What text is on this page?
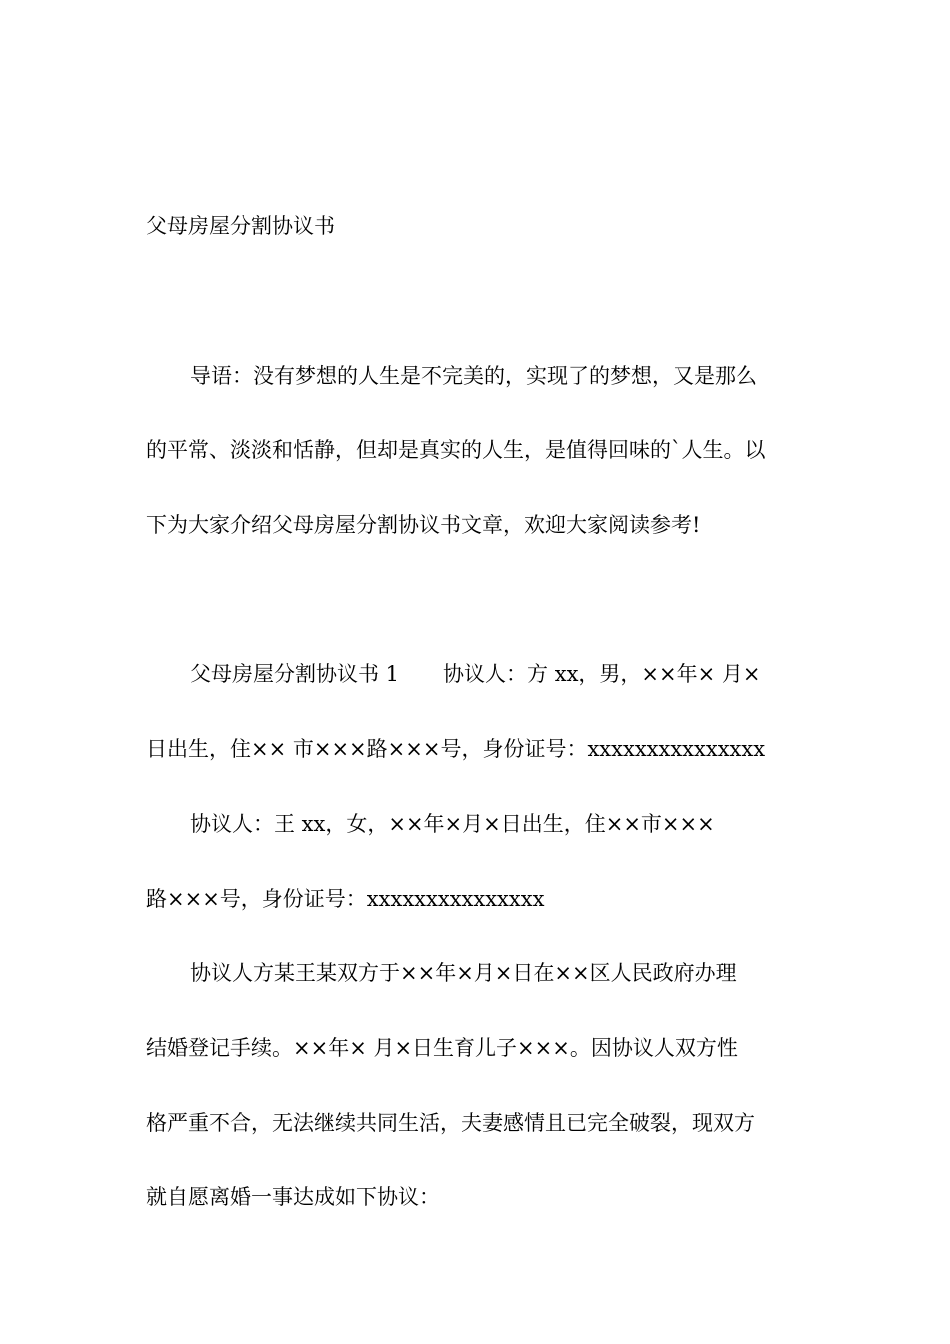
父母房屋分割协议书
导语：没有梦想的人生是不完美的，实现了的梦想，又是那么
的平常、淡淡和恬静，但却是真实的人生，是值得回味的`人生。以
下为大家介绍父母房屋分割协议书文章，欢迎大家阅读参考!
父母房屋分割协议书 1 协议人：方 xx，男，××年× 月×
日出生，住×× 市×××路×××号，身份证号：xxxxxxxxxxxxxxx
协议人：王 xx，女，××年×月×日出生，住××市×××
路×××号，身份证号：xxxxxxxxxxxxxxx
协议人方某王某双方于××年×月×日在××区人民政府办理
结婚登记手续。××年× 月×日生育儿子×××。因协议人双方性
格严重不合，无法继续共同生活，夫妻感情且已完全破裂，现双方
就自愿离婚一事达成如下协议：
